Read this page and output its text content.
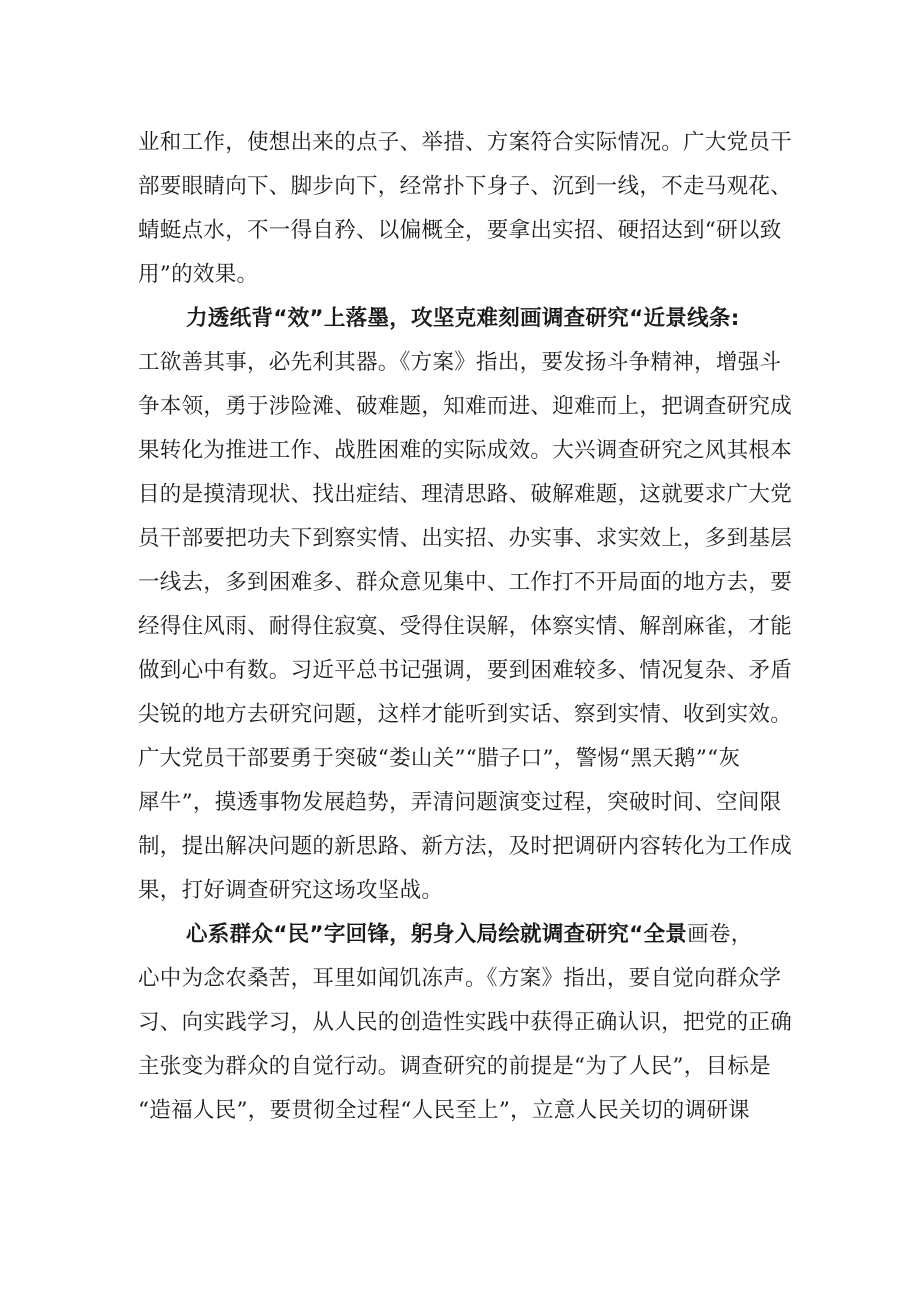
业和工作，使想出来的点子、举措、方案符合实际情况。广大党员干
部要眼睛向下、脚步向下，经常扑下身子、沉到一线，不走马观花、
蜻蜓点水，不一得自矜、以偏概全，要拿出实招、硬招达到“研以致
用”的效果。
力透纸背“效”上落墨，攻坚克难刻画调查研究“近景线条:
工欲善其事，必先利其器。《方案》指出，要发扬斗争精神，增强斗
争本领，勇于涉险滩、破难题，知难而进、迎难而上，把调查研究成
果转化为推进工作、战胜困难的实际成效。大兴调查研究之风其根本
目的是摸清现状、找出症结、理清思路、破解难题，这就要求广大党
员干部要把功夫下到察实情、出实招、办实事、求实效上，多到基层
一线去，多到困难多、群众意见集中、工作打不开局面的地方去，要
经得住风雨、耐得住寂寞、受得住误解，体察实情、解剖麻雀，才能
做到心中有数。习近平总书记强调，要到困难较多、情况复杂、矛盾
尖锐的地方去研究问题，这样才能听到实话、察到实情、收到实效。
广大党员干部要勇于突破“娄山关”“腊子口”，警惕“黑天鹅”“灰
犀牛”，摸透事物发展趋势，弄清问题演变过程，突破时间、空间限
制，提出解决问题的新思路、新方法，及时把调研内容转化为工作成
果，打好调查研究这场攻坚战。
心系群众“民”字回锋，躬身入局绘就调查研究“全景画卷，
心中为念农桑苦，耳里如闻饥冻声。《方案》指出，要自觉向群众学
习、向实践学习，从人民的创造性实践中获得正确认识，把党的正确
主张变为群众的自觉行动。调查研究的前提是“为了人民”，目标是
“造福人民”，要贯彻全过程“人民至上”，立意人民关切的调研课
